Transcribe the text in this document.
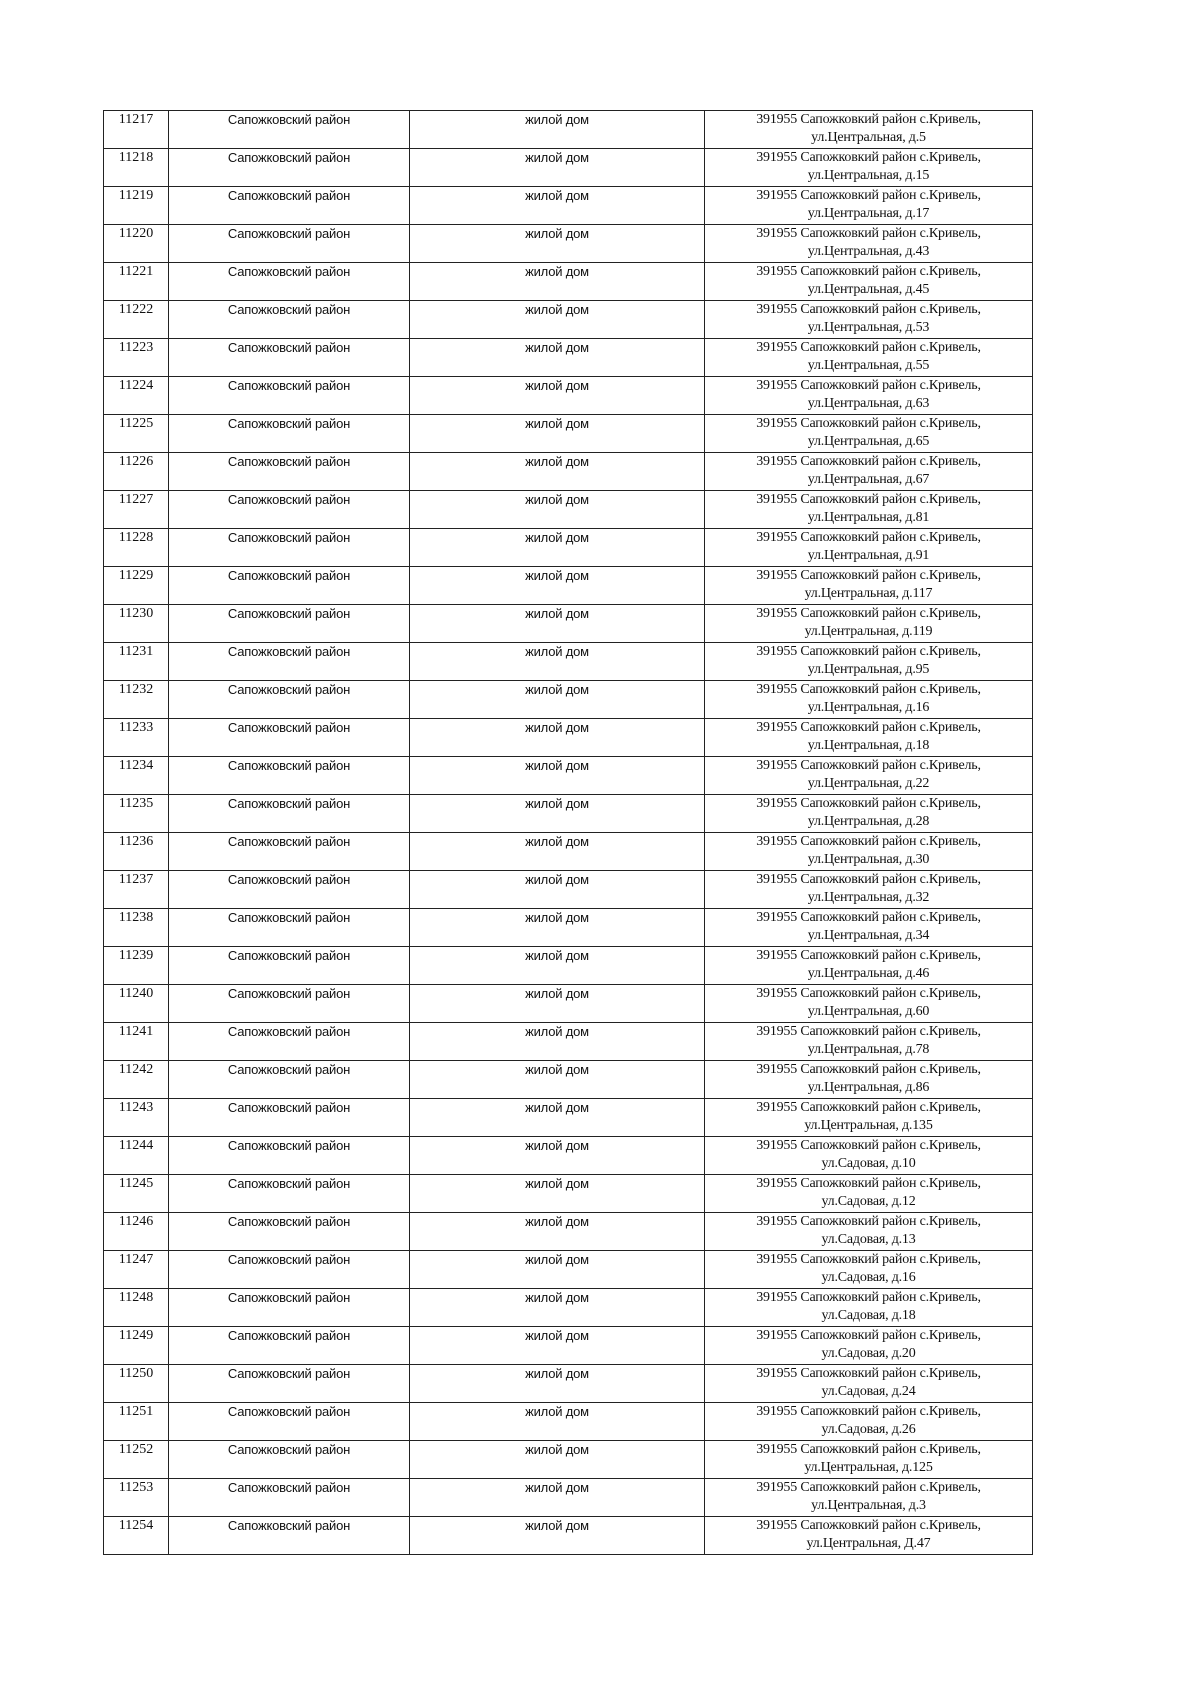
11217	Сапожковский район	жилой дом	391955 Сапожковкий район с.Кривель,
ул.Центральная, д.5

11218	Сапожковский район	жилой дом	391955 Сапожковкий район с.Кривель,
ул.Центральная, д.15

11219	Сапожковский район	жилой дом	391955 Сапожковкий район с.Кривель,
ул.Центральная, д.17

11220	Сапожковский район	жилой дом	391955 Сапожковкий район с.Кривель,
ул.Центральная, д.43

11221	Сапожковский район	жилой дом	391955 Сапожковкий район с.Кривель,
ул.Центральная, д.45

11222	Сапожковский район	жилой дом	391955 Сапожковкий район с.Кривель,
ул.Центральная, д.53

11223	Сапожковский район	жилой дом	391955 Сапожковкий район с.Кривель,
ул.Центральная, д.55

11224	Сапожковский район	жилой дом	391955 Сапожковкий район с.Кривель,
ул.Центральная, д.63

11225	Сапожковский район	жилой дом	391955 Сапожковкий район с.Кривель,
ул.Центральная, д.65

11226	Сапожковский район	жилой дом	391955 Сапожковкий район с.Кривель,
ул.Центральная, д.67

11227	Сапожковский район	жилой дом	391955 Сапожковкий район с.Кривель,
ул.Центральная, д.81

11228	Сапожковский район	жилой дом	391955 Сапожковкий район с.Кривель,
ул.Центральная, д.91

11229	Сапожковский район	жилой дом	391955 Сапожковкий район с.Кривель,
ул.Центральная, д.117

11230	Сапожковский район	жилой дом	391955 Сапожковкий район с.Кривель,
ул.Центральная, д.119

11231	Сапожковский район	жилой дом	391955 Сапожковкий район с.Кривель,
ул.Центральная, д.95

11232	Сапожковский район	жилой дом	391955 Сапожковкий район с.Кривель,
ул.Центральная, д.16

11233	Сапожковский район	жилой дом	391955 Сапожковкий район с.Кривель,
ул.Центральная, д.18

11234	Сапожковский район	жилой дом	391955 Сапожковкий район с.Кривель,
ул.Центральная, д.22

11235	Сапожковский район	жилой дом	391955 Сапожковкий район с.Кривель,
ул.Центральная, д.28

11236	Сапожковский район	жилой дом	391955 Сапожковкий район с.Кривель,
ул.Центральная, д.30

11237	Сапожковский район	жилой дом	391955 Сапожковкий район с.Кривель,
ул.Центральная, д.32

11238	Сапожковский район	жилой дом	391955 Сапожковкий район с.Кривель,
ул.Центральная, д.34

11239	Сапожковский район	жилой дом	391955 Сапожковкий район с.Кривель,
ул.Центральная, д.46

11240	Сапожковский район	жилой дом	391955 Сапожковкий район с.Кривель,
ул.Центральная, д.60

11241	Сапожковский район	жилой дом	391955 Сапожковкий район с.Кривель,
ул.Центральная, д.78

11242	Сапожковский район	жилой дом	391955 Сапожковкий район с.Кривель,
ул.Центральная, д.86

11243	Сапожковский район	жилой дом	391955 Сапожковкий район с.Кривель,
ул.Центральная, д.135

11244	Сапожковский район	жилой дом	391955 Сапожковкий район с.Кривель,
ул.Садовая, д.10

11245	Сапожковский район	жилой дом	391955 Сапожковкий район с.Кривель,
ул.Садовая, д.12

11246	Сапожковский район	жилой дом	391955 Сапожковкий район с.Кривель,
ул.Садовая, д.13

11247	Сапожковский район	жилой дом	391955 Сапожковкий район с.Кривель,
ул.Садовая, д.16

11248	Сапожковский район	жилой дом	391955 Сапожковкий район с.Кривель,
ул.Садовая, д.18

11249	Сапожковский район	жилой дом	391955 Сапожковкий район с.Кривель,
ул.Садовая, д.20

11250	Сапожковский район	жилой дом	391955 Сапожковкий район с.Кривель,
ул.Садовая, д.24

11251	Сапожковский район	жилой дом	391955 Сапожковкий район с.Кривель,
ул.Садовая, д.26

11252	Сапожковский район	жилой дом	391955 Сапожковкий район с.Кривель,
ул.Центральная, д.125

11253	Сапожковский район	жилой дом	391955 Сапожковкий район с.Кривель,
ул.Центральная, д.3

11254	Сапожковский район	жилой дом	391955 Сапожковкий район с.Кривель,
ул.Центральная, Д.47
